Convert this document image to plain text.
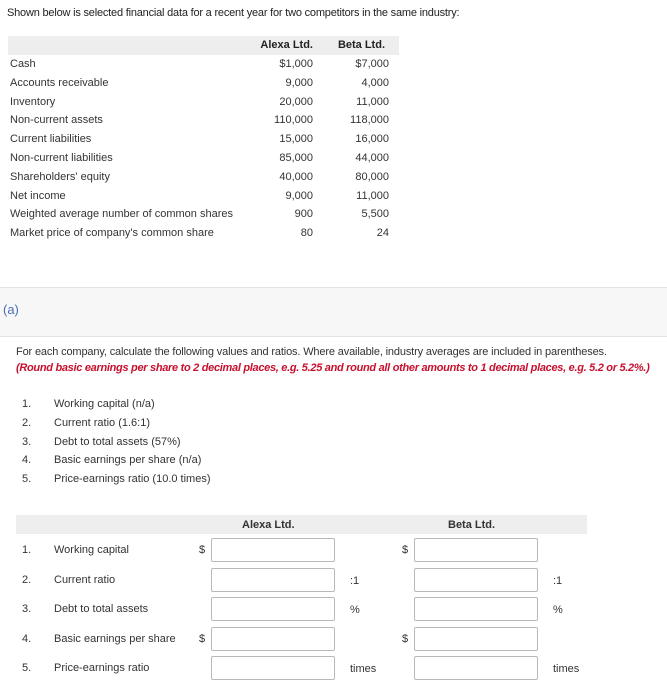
Shown below is selected financial data for a recent year for two competitors in the same industry:
Alexa Ltd. Beta Ltd.
Cash	$1,000	$7,000
Accounts receivable	9,000	4,000
Inventory	20,000	11,000
Non-current assets	110,000	118,000
Current liabilities	15,000	16,000
Non-current liabilities	85,000	44,000
Shareholders' equity	40,000	80,000
Net income	9,000	11,000
Weighted average number of common shares	900	5,500
Market price of company's common share	80	24
(a)
For each company, calculate the following values and ratios. Where available, industry averages are included in parentheses.
(Round basic earnings per share to 2 decimal places, e.g. 5.25 and round all other amounts to 1 decimal places, e.g. 5.2 or 5.2%.)
1. Working capital (n/a)
2. Current ratio (1.6:1)
3. Debt to total assets (57%)
4. Basic earnings per share (n/a)
5. Price-earnings ratio (10.0 times)
Alexa Ltd.	Beta Ltd.
1. Working capital	$	$
2. Current ratio	:1	:1
3. Debt to total assets	%	%
4. Basic earnings per share $	$
5. Price-earnings ratio	times	times
